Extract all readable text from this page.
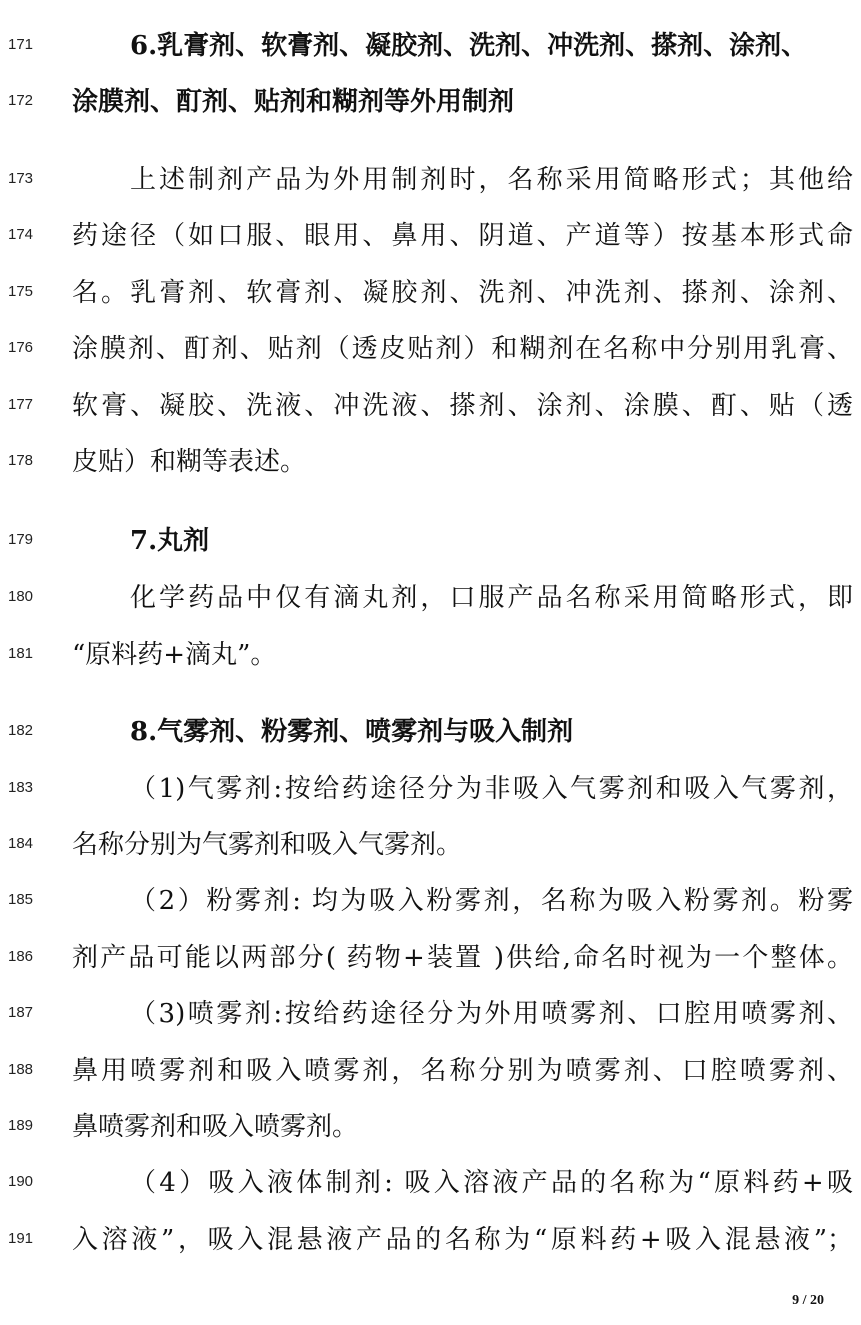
171	6.乳膏剂、软膏剂、凝胶剂、洗剂、冲洗剂、搽剂、涂剂、
172	涂膜剂、酊剂、贴剂和糊剂等外用制剂
173	上述制剂产品为外用制剂时，名称采用简略形式；其他给
174	药途径（如口服、眼用、鼻用、阴道、产道等）按基本形式命
175	名。乳膏剂、软膏剂、凝胶剂、洗剂、冲洗剂、搽剂、涂剂、
176	涂膜剂、酊剂、贴剂（透皮贴剂）和糊剂在名称中分别用乳膏、
177	软膏、凝胶、洗液、冲洗液、搽剂、涂剂、涂膜、酊、贴（透
178	皮贴）和糊等表述。
179	7.丸剂
180	化学药品中仅有滴丸剂，口服产品名称采用简略形式，即
181	“原料药+滴丸”。
182	8.气雾剂、粉雾剂、喷雾剂与吸入制剂
183	（1)气雾剂:按给药途径分为非吸入气雾剂和吸入气雾剂，
184	名称分别为气雾剂和吸入气雾剂。
185	（2）粉雾剂: 均为吸入粉雾剂，名称为吸入粉雾剂。粉雾
186	剂产品可能以两部分( 药物+装置 )供给,命名时视为一个整体。
187	（3)喷雾剂:按给药途径分为外用喷雾剂、口腔用喷雾剂、
188	鼻用喷雾剂和吸入喷雾剂，名称分别为喷雾剂、口腔喷雾剂、
189	鼻喷雾剂和吸入喷雾剂。
190	（4）吸入液体制剂: 吸入溶液产品的名称为“原料药+吸
191	入溶液”，吸入混悬液产品的名称为“原料药+吸入混悬液”；
9 / 20
